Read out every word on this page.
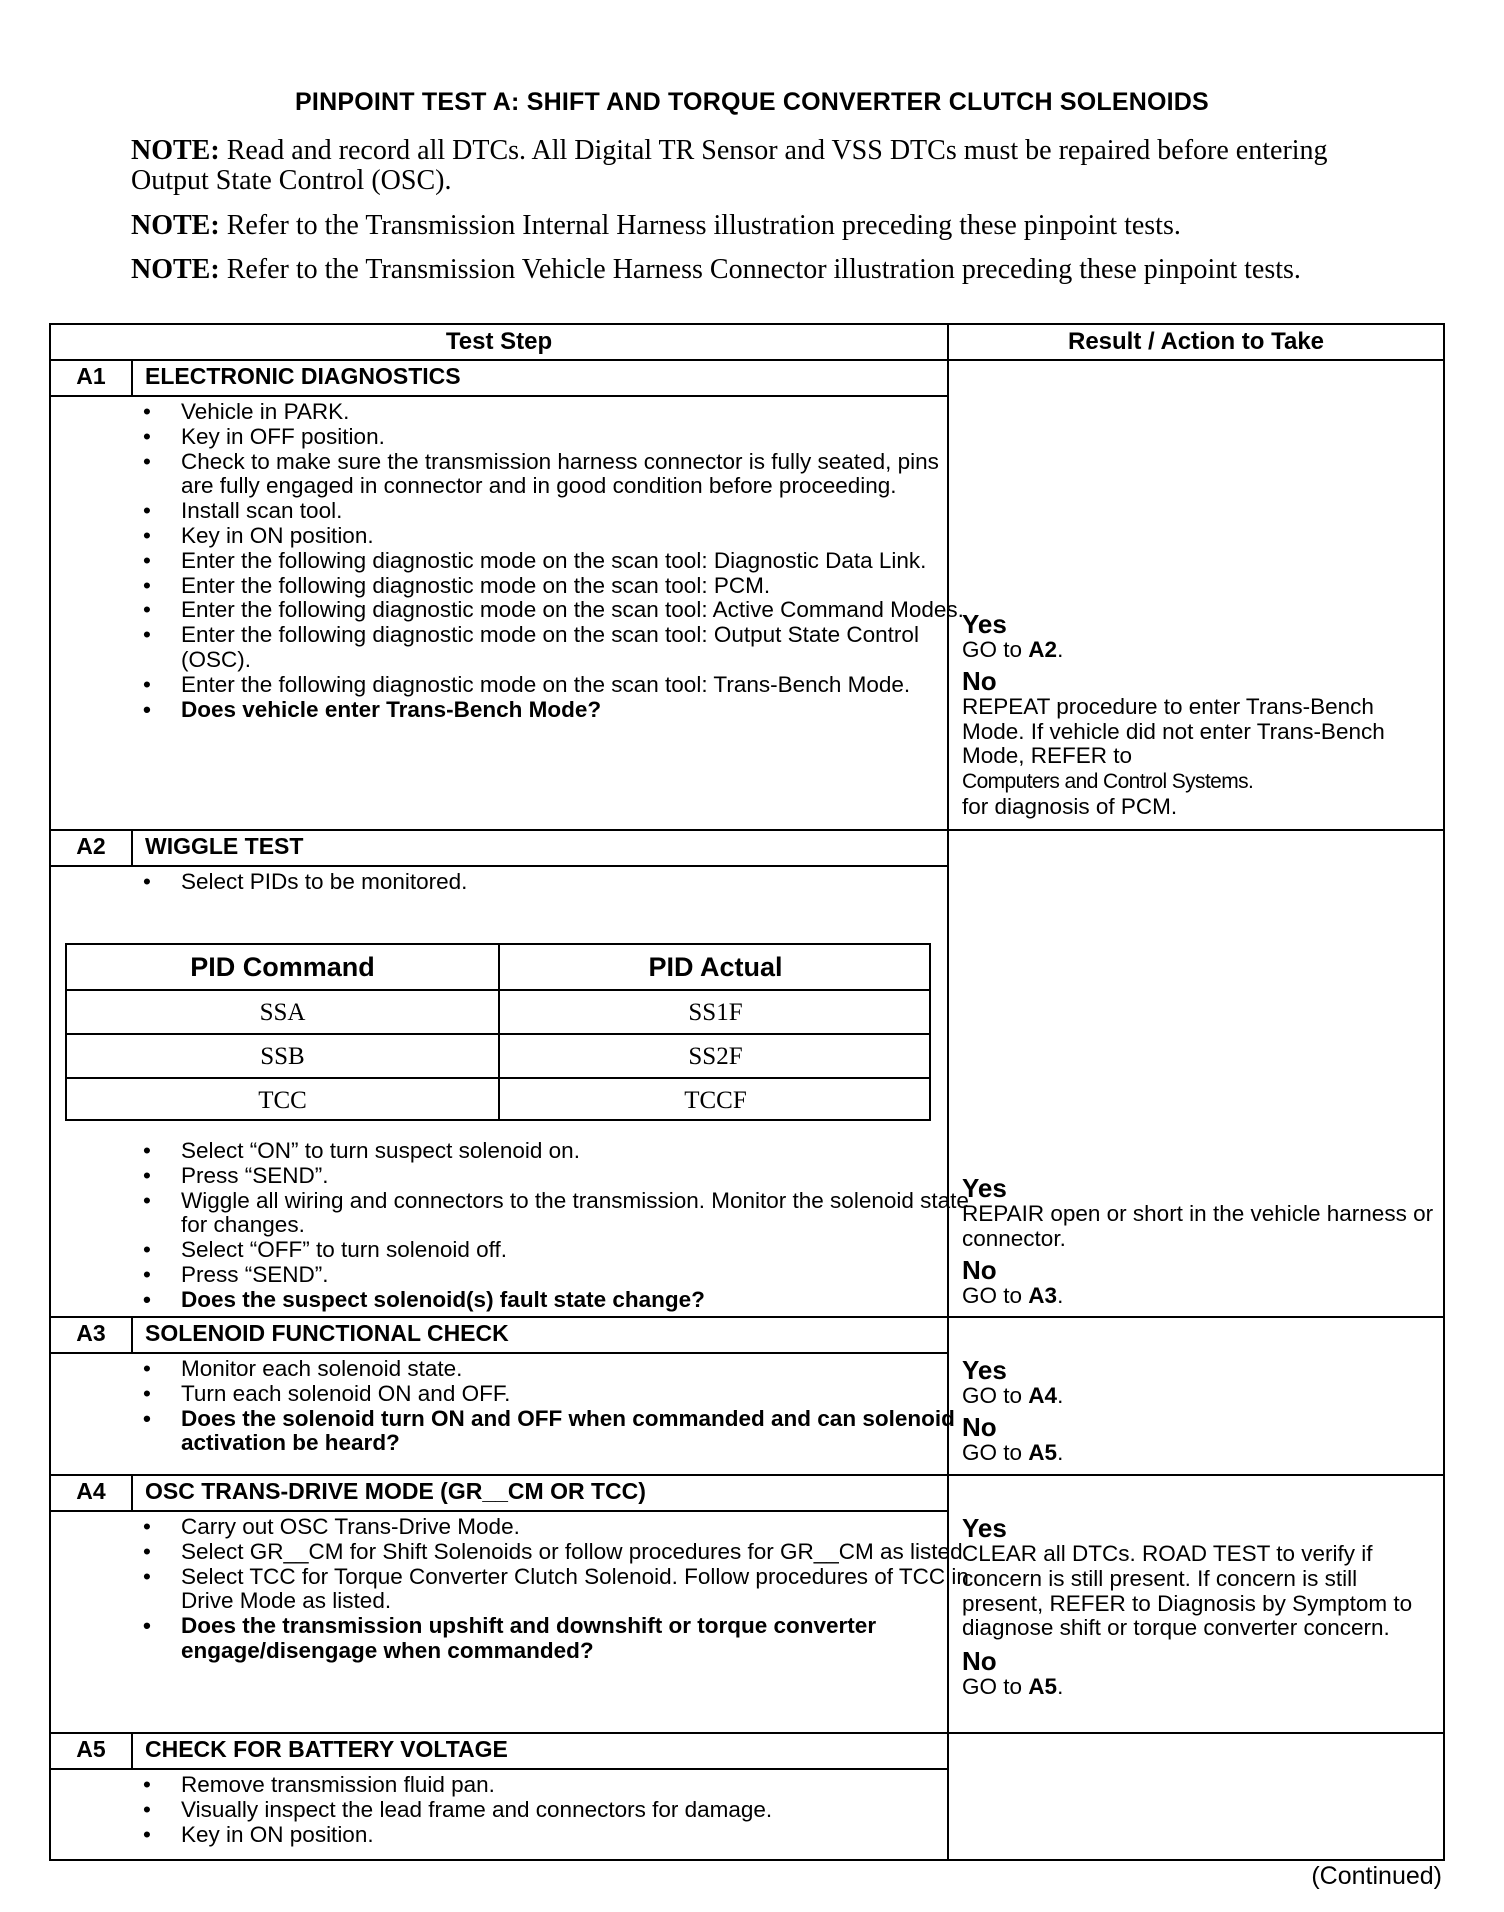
PINPOINT TEST A: SHIFT AND TORQUE CONVERTER CLUTCH SOLENOIDS
NOTE: Read and record all DTCs. All Digital TR Sensor and VSS DTCs must be repaired before entering Output State Control (OSC).
NOTE: Refer to the Transmission Internal Harness illustration preceding these pinpoint tests.
NOTE: Refer to the Transmission Vehicle Harness Connector illustration preceding these pinpoint tests.
Test Step	Result / Action to Take
A1	ELECTRONIC DIAGNOSTICS
• Vehicle in PARK.
• Key in OFF position.
• Check to make sure the transmission harness connector is fully seated, pins are fully engaged in connector and in good condition before proceeding.
• Install scan tool.
• Key in ON position.
• Enter the following diagnostic mode on the scan tool: Diagnostic Data Link.
• Enter the following diagnostic mode on the scan tool: PCM.
• Enter the following diagnostic mode on the scan tool: Active Command Modes.
• Enter the following diagnostic mode on the scan tool: Output State Control (OSC).
• Enter the following diagnostic mode on the scan tool: Trans-Bench Mode.
• Does vehicle enter Trans-Bench Mode?
Yes
GO to A2.
No
REPEAT procedure to enter Trans-Bench Mode. If vehicle did not enter Trans-Bench Mode, REFER to
Computers and Control Systems.
for diagnosis of PCM.
A2	WIGGLE TEST
• Select PIDs to be monitored.
PID Command	PID Actual
SSA	SS1F
SSB	SS2F
TCC	TCCF
• Select “ON” to turn suspect solenoid on.
• Press “SEND”.
• Wiggle all wiring and connectors to the transmission. Monitor the solenoid state for changes.
• Select “OFF” to turn solenoid off.
• Press “SEND”.
• Does the suspect solenoid(s) fault state change?
Yes
REPAIR open or short in the vehicle harness or connector.
No
GO to A3.
A3	SOLENOID FUNCTIONAL CHECK
• Monitor each solenoid state.
• Turn each solenoid ON and OFF.
• Does the solenoid turn ON and OFF when commanded and can solenoid activation be heard?
Yes
GO to A4.
No
GO to A5.
A4	OSC TRANS-DRIVE MODE (GR__CM OR TCC)
• Carry out OSC Trans-Drive Mode.
• Select GR__CM for Shift Solenoids or follow procedures for GR__CM as listed.
• Select TCC for Torque Converter Clutch Solenoid. Follow procedures of TCC in Drive Mode as listed.
• Does the transmission upshift and downshift or torque converter engage/disengage when commanded?
Yes
CLEAR all DTCs. ROAD TEST to verify if concern is still present. If concern is still present, REFER to Diagnosis by Symptom to diagnose shift or torque converter concern.
No
GO to A5.
A5	CHECK FOR BATTERY VOLTAGE
• Remove transmission fluid pan.
• Visually inspect the lead frame and connectors for damage.
• Key in ON position.
(Continued)
